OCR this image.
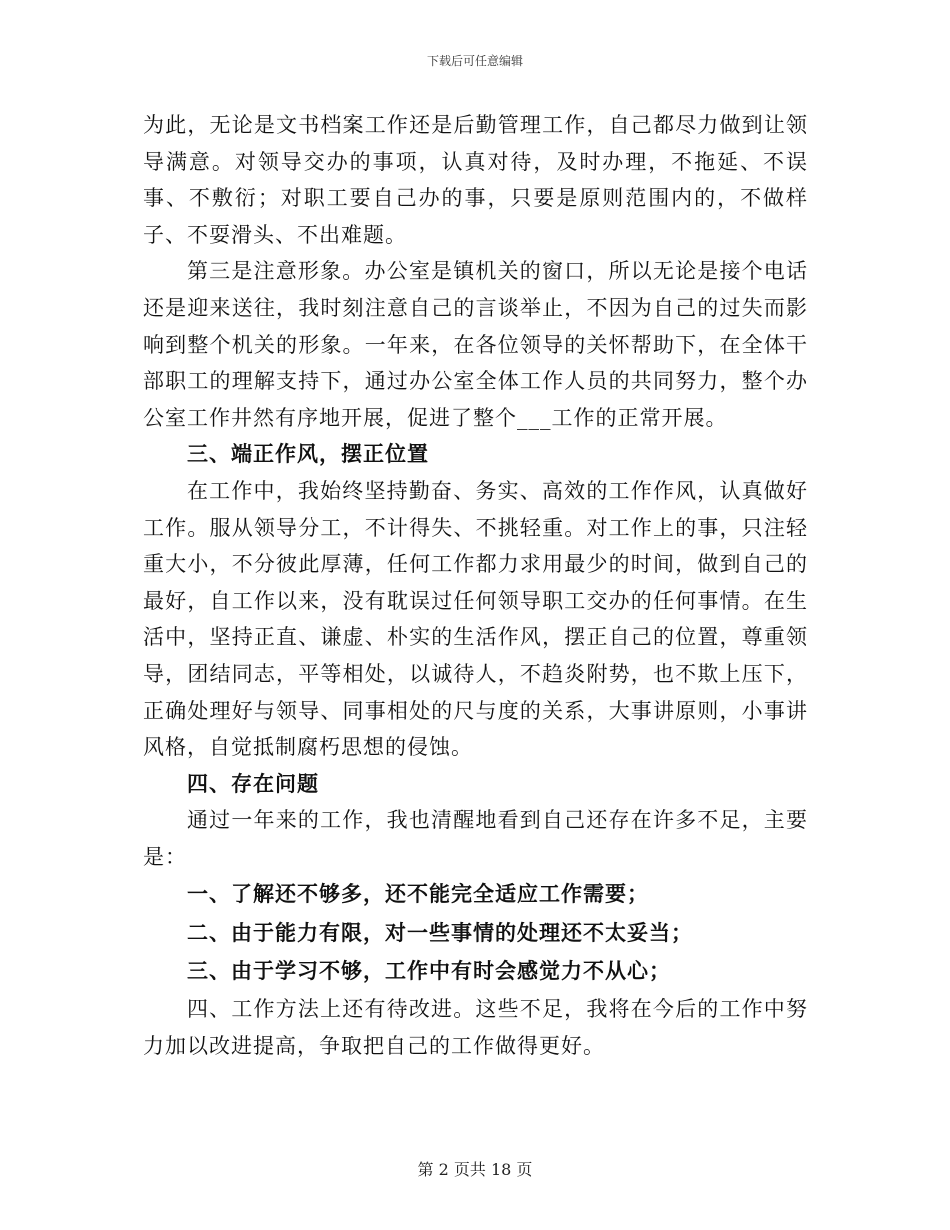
下载后可任意编辑

为此，无论是文书档案工作还是后勤管理工作，自己都尽力做到让领导满意。对领导交办的事项，认真对待，及时办理，不拖延、不误事、不敷衍；对职工要自己办的事，只要是原则范围内的，不做样子、不耍滑头、不出难题。

第三是注意形象。办公室是镇机关的窗口，所以无论是接个电话还是迎来送往，我时刻注意自己的言谈举止，不因为自己的过失而影响到整个机关的形象。一年来，在各位领导的关怀帮助下，在全体干部职工的理解支持下，通过办公室全体工作人员的共同努力，整个办公室工作井然有序地开展，促进了整个___工作的正常开展。

三、端正作风，摆正位置

在工作中，我始终坚持勤奋、务实、高效的工作作风，认真做好工作。服从领导分工，不计得失、不挑轻重。对工作上的事，只注轻重大小，不分彼此厚薄，任何工作都力求用最少的时间，做到自己的最好，自工作以来，没有耽误过任何领导职工交办的任何事情。在生活中，坚持正直、谦虚、朴实的生活作风，摆正自己的位置，尊重领导，团结同志，平等相处，以诚待人，不趋炎附势，也不欺上压下，正确处理好与领导、同事相处的尺与度的关系，大事讲原则，小事讲风格，自觉抵制腐朽思想的侵蚀。

四、存在问题

通过一年来的工作，我也清醒地看到自己还存在许多不足，主要是：

一、了解还不够多，还不能完全适应工作需要；

二、由于能力有限，对一些事情的处理还不太妥当；

三、由于学习不够，工作中有时会感觉力不从心；

四、工作方法上还有待改进。这些不足，我将在今后的工作中努力加以改进提高，争取把自己的工作做得更好。

第 2 页共 18 页
